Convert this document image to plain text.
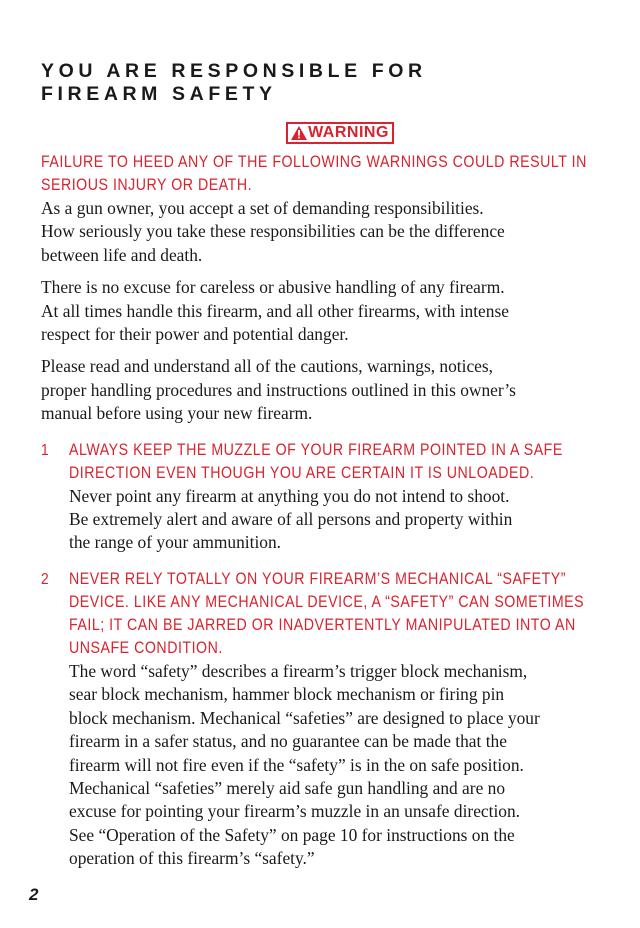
YOU ARE RESPONSIBLE FOR
FIREARM SAFETY
WARNING
FAILURE TO HEED ANY OF THE FOLLOWING WARNINGS COULD RESULT IN
SERIOUS INJURY OR DEATH.

As a gun owner, you accept a set of demanding responsibilities.
How seriously you take these responsibilities can be the difference
between life and death.

There is no excuse for careless or abusive handling of any firearm.
At all times handle this firearm, and all other firearms, with intense
respect for their power and potential danger.

Please read and understand all of the cautions, warnings, notices,
proper handling procedures and instructions outlined in this owner’s
manual before using your new firearm.

1 ALWAYS KEEP THE MUZZLE OF YOUR FIREARM POINTED IN A SAFE
DIRECTION EVEN THOUGH YOU ARE CERTAIN IT IS UNLOADED.

Never point any firearm at anything you do not intend to shoot.
Be extremely alert and aware of all persons and property within
the range of your ammunition.

2 NEVER RELY TOTALLY ON YOUR FIREARM’S MECHANICAL “SAFETY”
DEVICE. LIKE ANY MECHANICAL DEVICE, A “SAFETY” CAN SOMETIMES
FAIL; IT CAN BE JARRED OR INADVERTENTLY MANIPULATED INTO AN
UNSAFE CONDITION.

The word “safety” describes a firearm’s trigger block mechanism,
sear block mechanism, hammer block mechanism or firing pin
block mechanism. Mechanical “safeties” are designed to place your
firearm in a safer status, and no guarantee can be made that the
firearm will not fire even if the “safety” is in the on safe position.
Mechanical “safeties” merely aid safe gun handling and are no
excuse for pointing your firearm’s muzzle in an unsafe direction.
See “Operation of the Safety” on page 10 for instructions on the
operation of this firearm’s “safety.”

2
